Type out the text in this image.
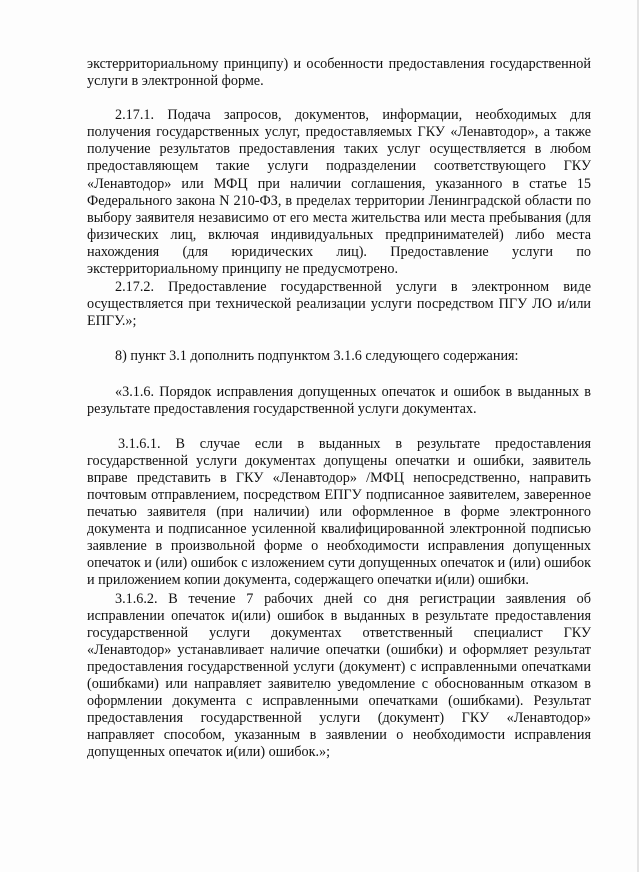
экстерриториальному принципу) и особенности предоставления государственной услуги в электронной форме.

2.17.1. Подача запросов, документов, информации, необходимых для получения государственных услуг, предоставляемых ГКУ «Ленавтодор», а также получение результатов предоставления таких услуг осуществляется в любом предоставляющем такие услуги подразделении соответствующего ГКУ «Ленавтодор» или МФЦ при наличии соглашения, указанного в статье 15 Федерального закона N 210-ФЗ, в пределах территории Ленинградской области по выбору заявителя независимо от его места жительства или места пребывания (для физических лиц, включая индивидуальных предпринимателей) либо места нахождения (для юридических лиц). Предоставление услуги по экстерриториальному принципу не предусмотрено.

2.17.2. Предоставление государственной услуги в электронном виде осуществляется при технической реализации услуги посредством ПГУ ЛО и/или ЕПГУ.»;

8) пункт 3.1 дополнить подпунктом 3.1.6 следующего содержания:

«3.1.6. Порядок исправления допущенных опечаток и ошибок в выданных в результате предоставления государственной услуги документах.

3.1.6.1. В случае если в выданных в результате предоставления государственной услуги документах допущены опечатки и ошибки, заявитель вправе представить в ГКУ «Ленавтодор» /МФЦ непосредственно, направить почтовым отправлением, посредством ЕПГУ подписанное заявителем, заверенное печатью заявителя (при наличии) или оформленное в форме электронного документа и подписанное усиленной квалифицированной электронной подписью заявление в произвольной форме о необходимости исправления допущенных опечаток и (или) ошибок с изложением сути допущенных опечаток и (или) ошибок и приложением копии документа, содержащего опечатки и(или) ошибки.

3.1.6.2. В течение 7 рабочих дней со дня регистрации заявления об исправлении опечаток и(или) ошибок в выданных в результате предоставления государственной услуги документах ответственный специалист ГКУ «Ленавтодор» устанавливает наличие опечатки (ошибки) и оформляет результат предоставления государственной услуги (документ) с исправленными опечатками (ошибками) или направляет заявителю уведомление с обоснованным отказом в оформлении документа с исправленными опечатками (ошибками). Результат предоставления государственной услуги (документ) ГКУ «Ленавтодор» направляет способом, указанным в заявлении о необходимости исправления допущенных опечаток и(или) ошибок.»;
